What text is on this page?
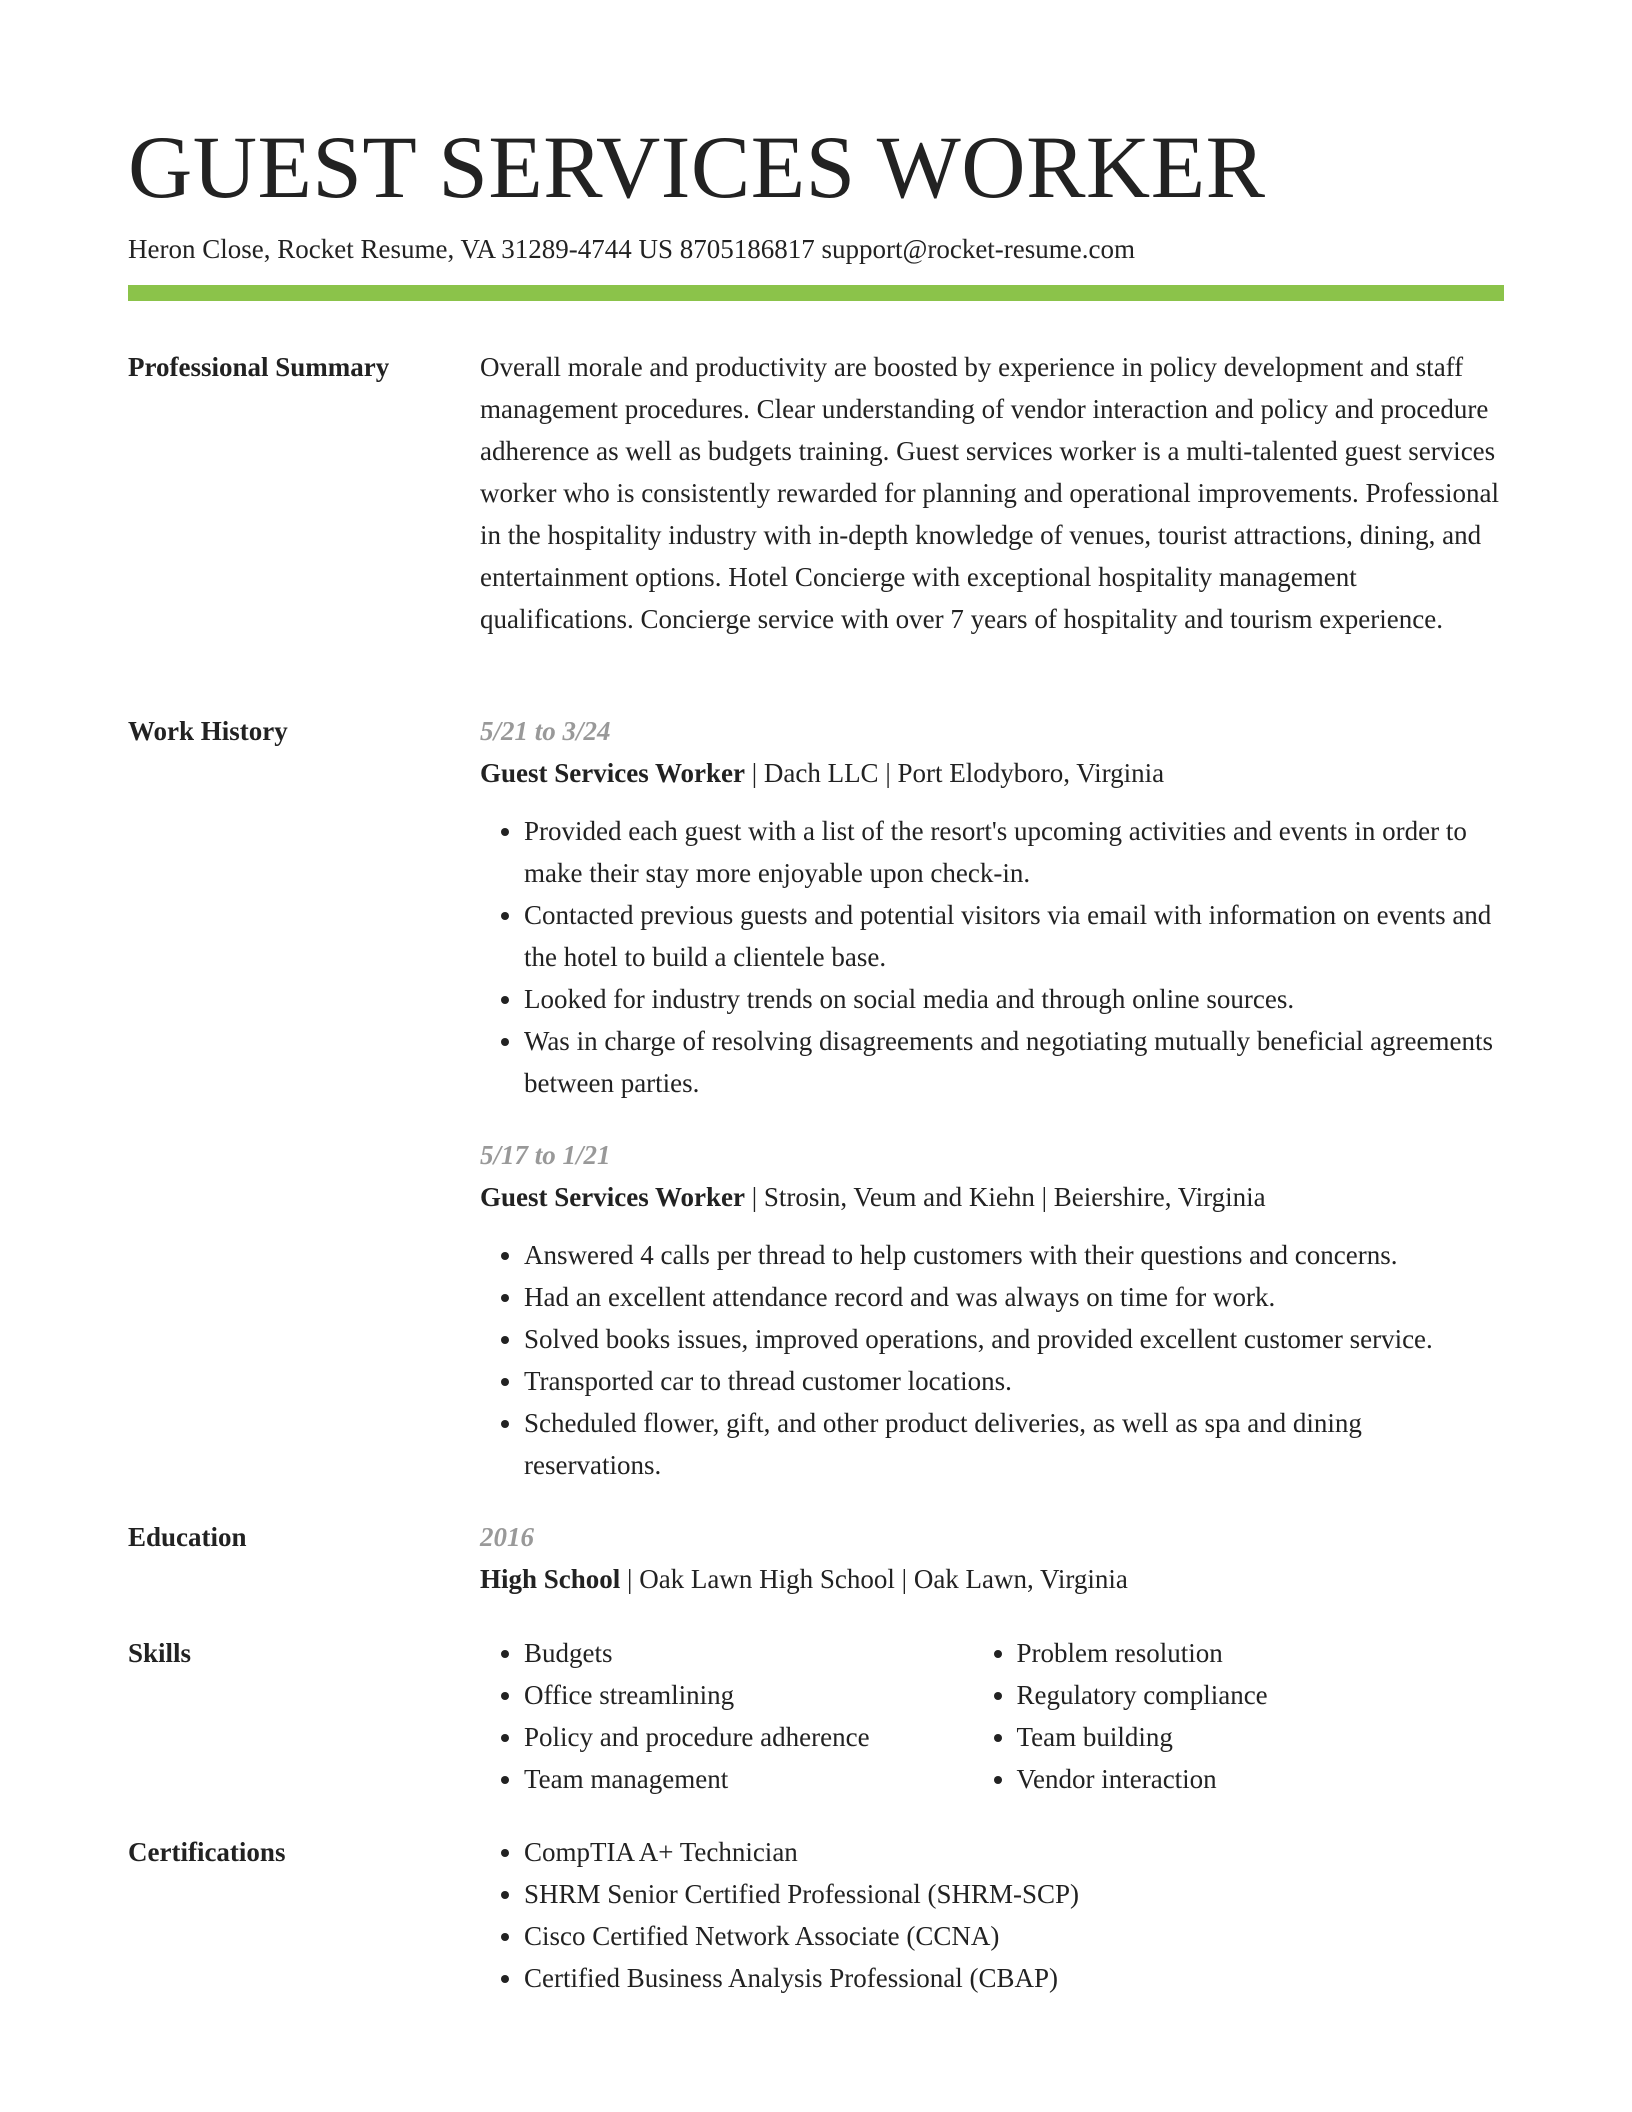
GUEST SERVICES WORKER
Heron Close, Rocket Resume, VA 31289-4744 US 8705186817 support@rocket-resume.com
Professional Summary	Overall morale and productivity are boosted by experience in policy development and staff management procedures. Clear understanding of vendor interaction and policy and procedure adherence as well as budgets training. Guest services worker is a multi-talented guest services worker who is consistently rewarded for planning and operational improvements. Professional in the hospitality industry with in-depth knowledge of venues, tourist attractions, dining, and entertainment options. Hotel Concierge with exceptional hospitality management qualifications. Concierge service with over 7 years of hospitality and tourism experience.

Work History	5/21 to 3/24
Guest Services Worker | Dach LLC | Port Elodyboro, Virginia
• Provided each guest with a list of the resort's upcoming activities and events in order to make their stay more enjoyable upon check-in.
• Contacted previous guests and potential visitors via email with information on events and the hotel to build a clientele base.
• Looked for industry trends on social media and through online sources.
• Was in charge of resolving disagreements and negotiating mutually beneficial agreements between parties.
5/17 to 1/21
Guest Services Worker | Strosin, Veum and Kiehn | Beiershire, Virginia
• Answered 4 calls per thread to help customers with their questions and concerns.
• Had an excellent attendance record and was always on time for work.
• Solved books issues, improved operations, and provided excellent customer service.
• Transported car to thread customer locations.
• Scheduled flower, gift, and other product deliveries, as well as spa and dining reservations.
Education	2016
High School | Oak Lawn High School | Oak Lawn, Virginia
Skills	• Budgets
• Office streamlining
• Policy and procedure adherence
• Team management
• Problem resolution
• Regulatory compliance
• Team building
• Vendor interaction
Certifications	• CompTIA A+ Technician
• SHRM Senior Certified Professional (SHRM-SCP)
• Cisco Certified Network Associate (CCNA)
• Certified Business Analysis Professional (CBAP)
